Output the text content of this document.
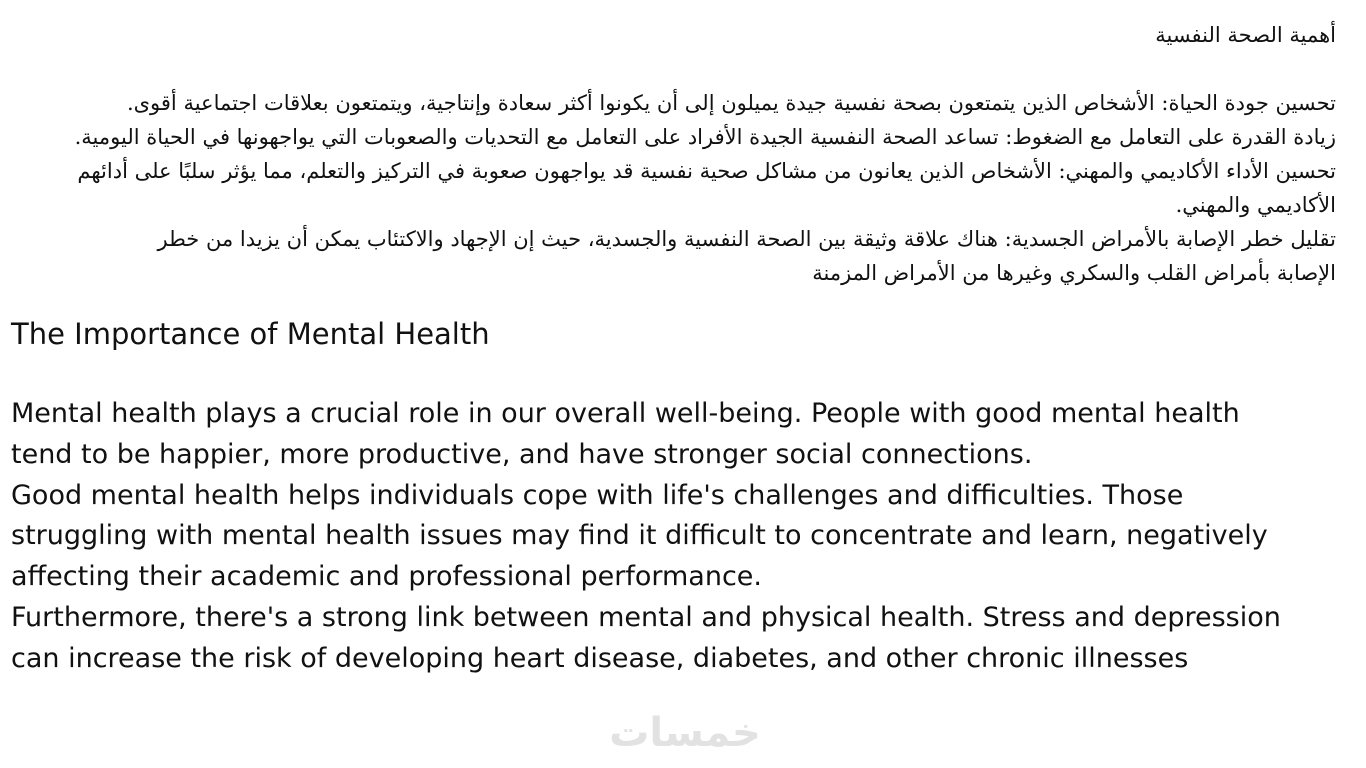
أهمية الصحة النفسية

تحسين جودة الحياة: الأشخاص الذين يتمتعون بصحة نفسية جيدة يميلون إلى أن يكونوا أكثر سعادة وإنتاجية، ويتمتعون بعلاقات اجتماعية أقوى.

زيادة القدرة على التعامل مع الضغوط: تساعد الصحة النفسية الجيدة الأفراد على التعامل مع التحديات والصعوبات التي يواجهونها في الحياة اليومية.

تحسين الأداء الأكاديمي والمهني: الأشخاص الذين يعانون من مشاكل صحية نفسية قد يواجهون صعوبة في التركيز والتعلم، مما يؤثر سلبًا على أدائهم

الأكاديمي والمهني.

تقليل خطر الإصابة بالأمراض الجسدية: هناك علاقة وثيقة بين الصحة النفسية والجسدية، حيث إن الإجهاد والاكتئاب يمكن أن يزيدا من خطر

الإصابة بأمراض القلب والسكري وغيرها من الأمراض المزمنة

The Importance of Mental Health

Mental health plays a crucial role in our overall well-being. People with good mental health

tend to be happier, more productive, and have stronger social connections.

Good mental health helps individuals cope with life's challenges and difficulties. Those

struggling with mental health issues may find it difficult to concentrate and learn, negatively

affecting their academic and professional performance.

Furthermore, there's a strong link between mental and physical health. Stress and depression

can increase the risk of developing heart disease, diabetes, and other chronic illnesses

خمسات
